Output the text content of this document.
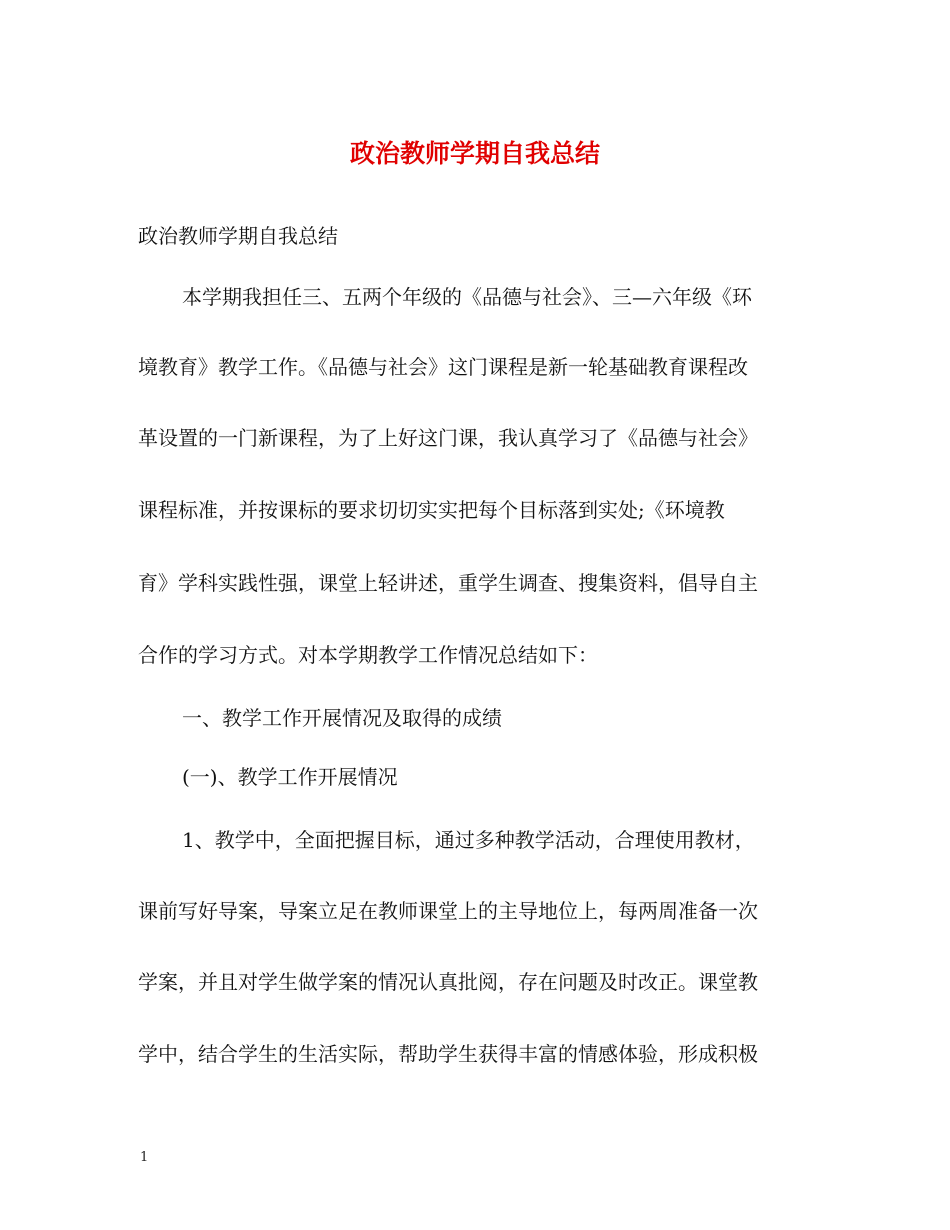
政治教师学期自我总结
政治教师学期自我总结
本学期我担任三、五两个年级的《品德与社会》、三—六年级《环
境教育》教学工作。《品德与社会》这门课程是新一轮基础教育课程改
革设置的一门新课程，为了上好这门课，我认真学习了《品德与社会》
课程标准，并按课标的要求切切实实把每个目标落到实处;《环境教
育》学科实践性强，课堂上轻讲述，重学生调查、搜集资料，倡导自主
合作的学习方式。对本学期教学工作情况总结如下：
一、教学工作开展情况及取得的成绩
(一)、教学工作开展情况
1、教学中，全面把握目标，通过多种教学活动，合理使用教材，
课前写好导案，导案立足在教师课堂上的主导地位上，每两周准备一次
学案，并且对学生做学案的情况认真批阅，存在问题及时改正。课堂教
学中，结合学生的生活实际，帮助学生获得丰富的情感体验，形成积极
1
